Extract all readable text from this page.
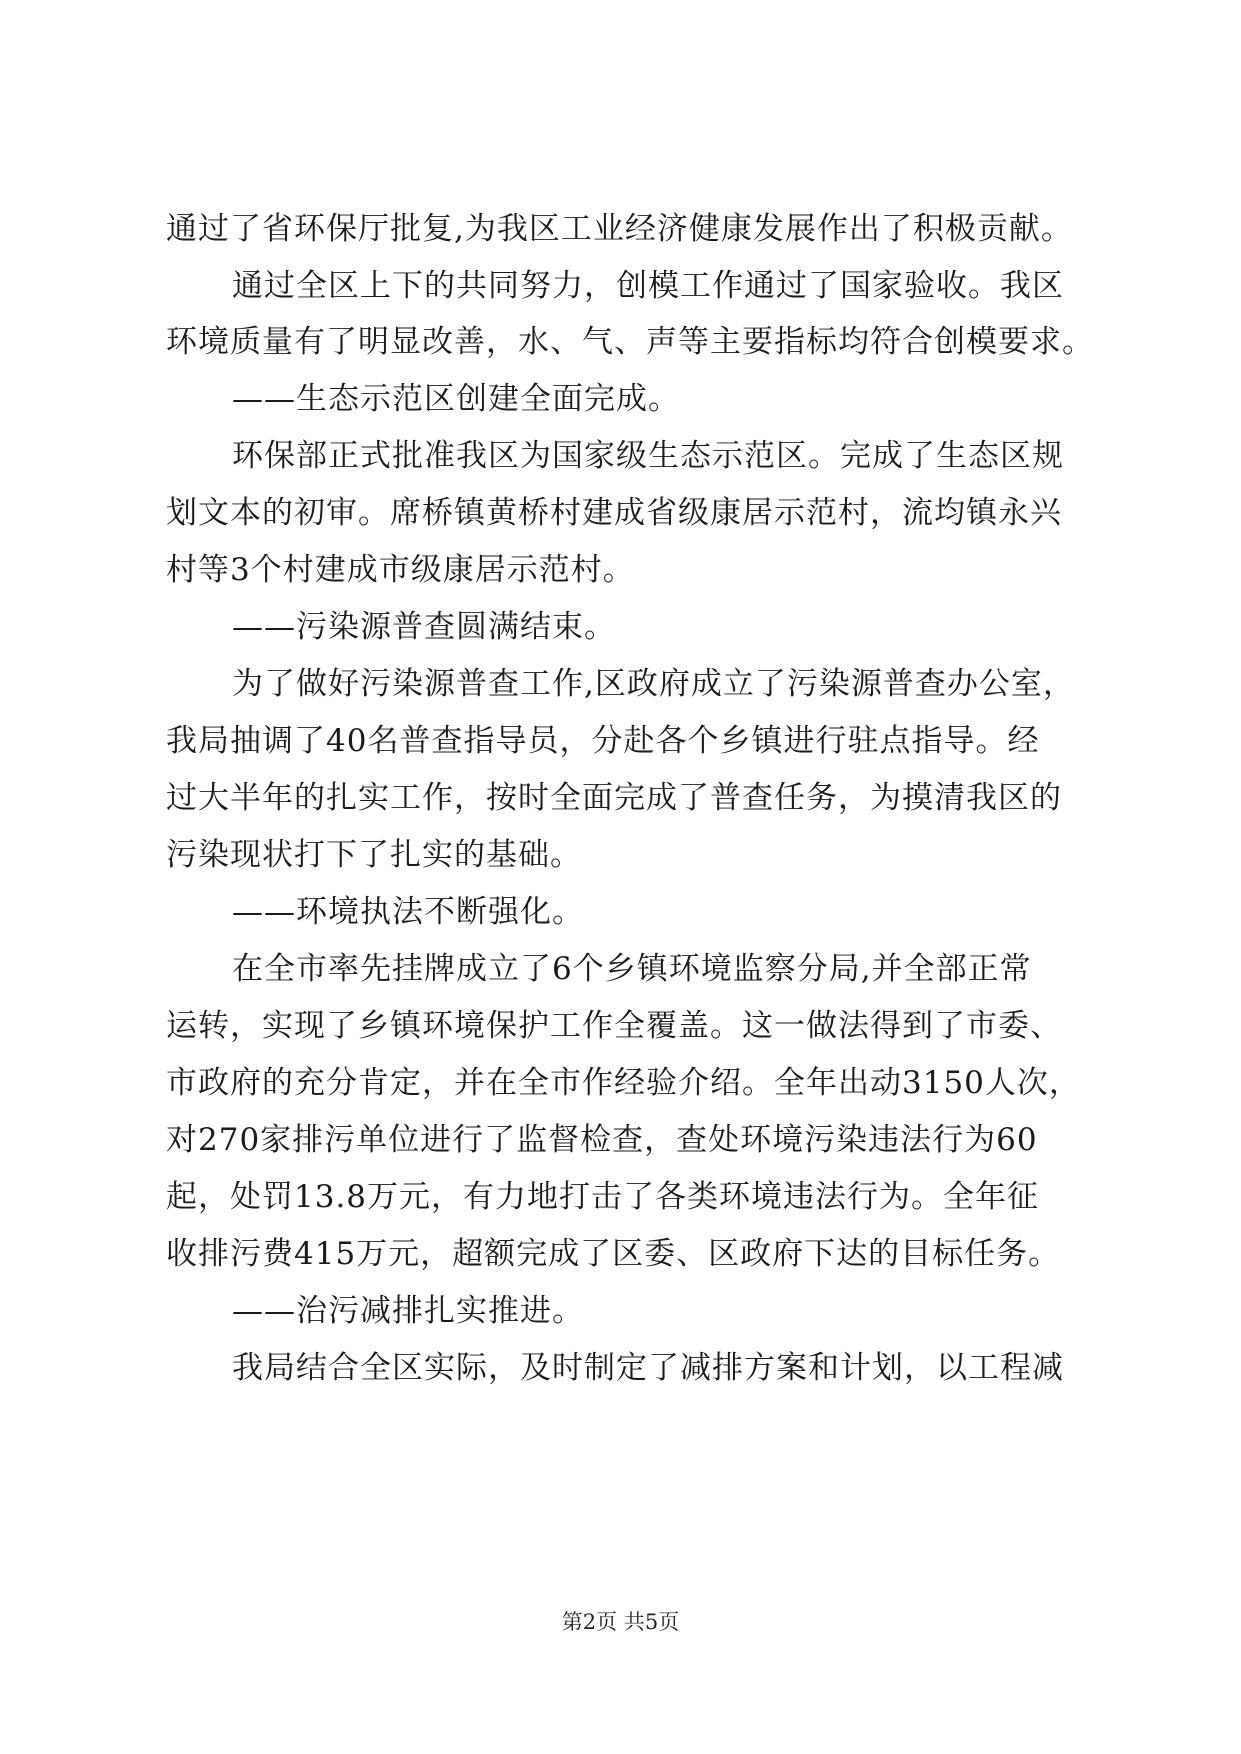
通过了省环保厅批复,为我区工业经济健康发展作出了积极贡献。
通过全区上下的共同努力，创模工作通过了国家验收。我区
环境质量有了明显改善，水、气、声等主要指标均符合创模要求。
——生态示范区创建全面完成。
环保部正式批准我区为国家级生态示范区。完成了生态区规
划文本的初审。席桥镇黄桥村建成省级康居示范村，流均镇永兴
村等3个村建成市级康居示范村。
——污染源普查圆满结束。
为了做好污染源普查工作,区政府成立了污染源普查办公室，
我局抽调了40名普查指导员，分赴各个乡镇进行驻点指导。经
过大半年的扎实工作，按时全面完成了普查任务，为摸清我区的
污染现状打下了扎实的基础。
——环境执法不断强化。
在全市率先挂牌成立了6个乡镇环境监察分局,并全部正常
运转，实现了乡镇环境保护工作全覆盖。这一做法得到了市委、
市政府的充分肯定，并在全市作经验介绍。全年出动3150人次，
对270家排污单位进行了监督检查，查处环境污染违法行为60
起，处罚13.8万元，有力地打击了各类环境违法行为。全年征
收排污费415万元，超额完成了区委、区政府下达的目标任务。
——治污减排扎实推进。
我局结合全区实际，及时制定了减排方案和计划，以工程减
第2页 共5页
